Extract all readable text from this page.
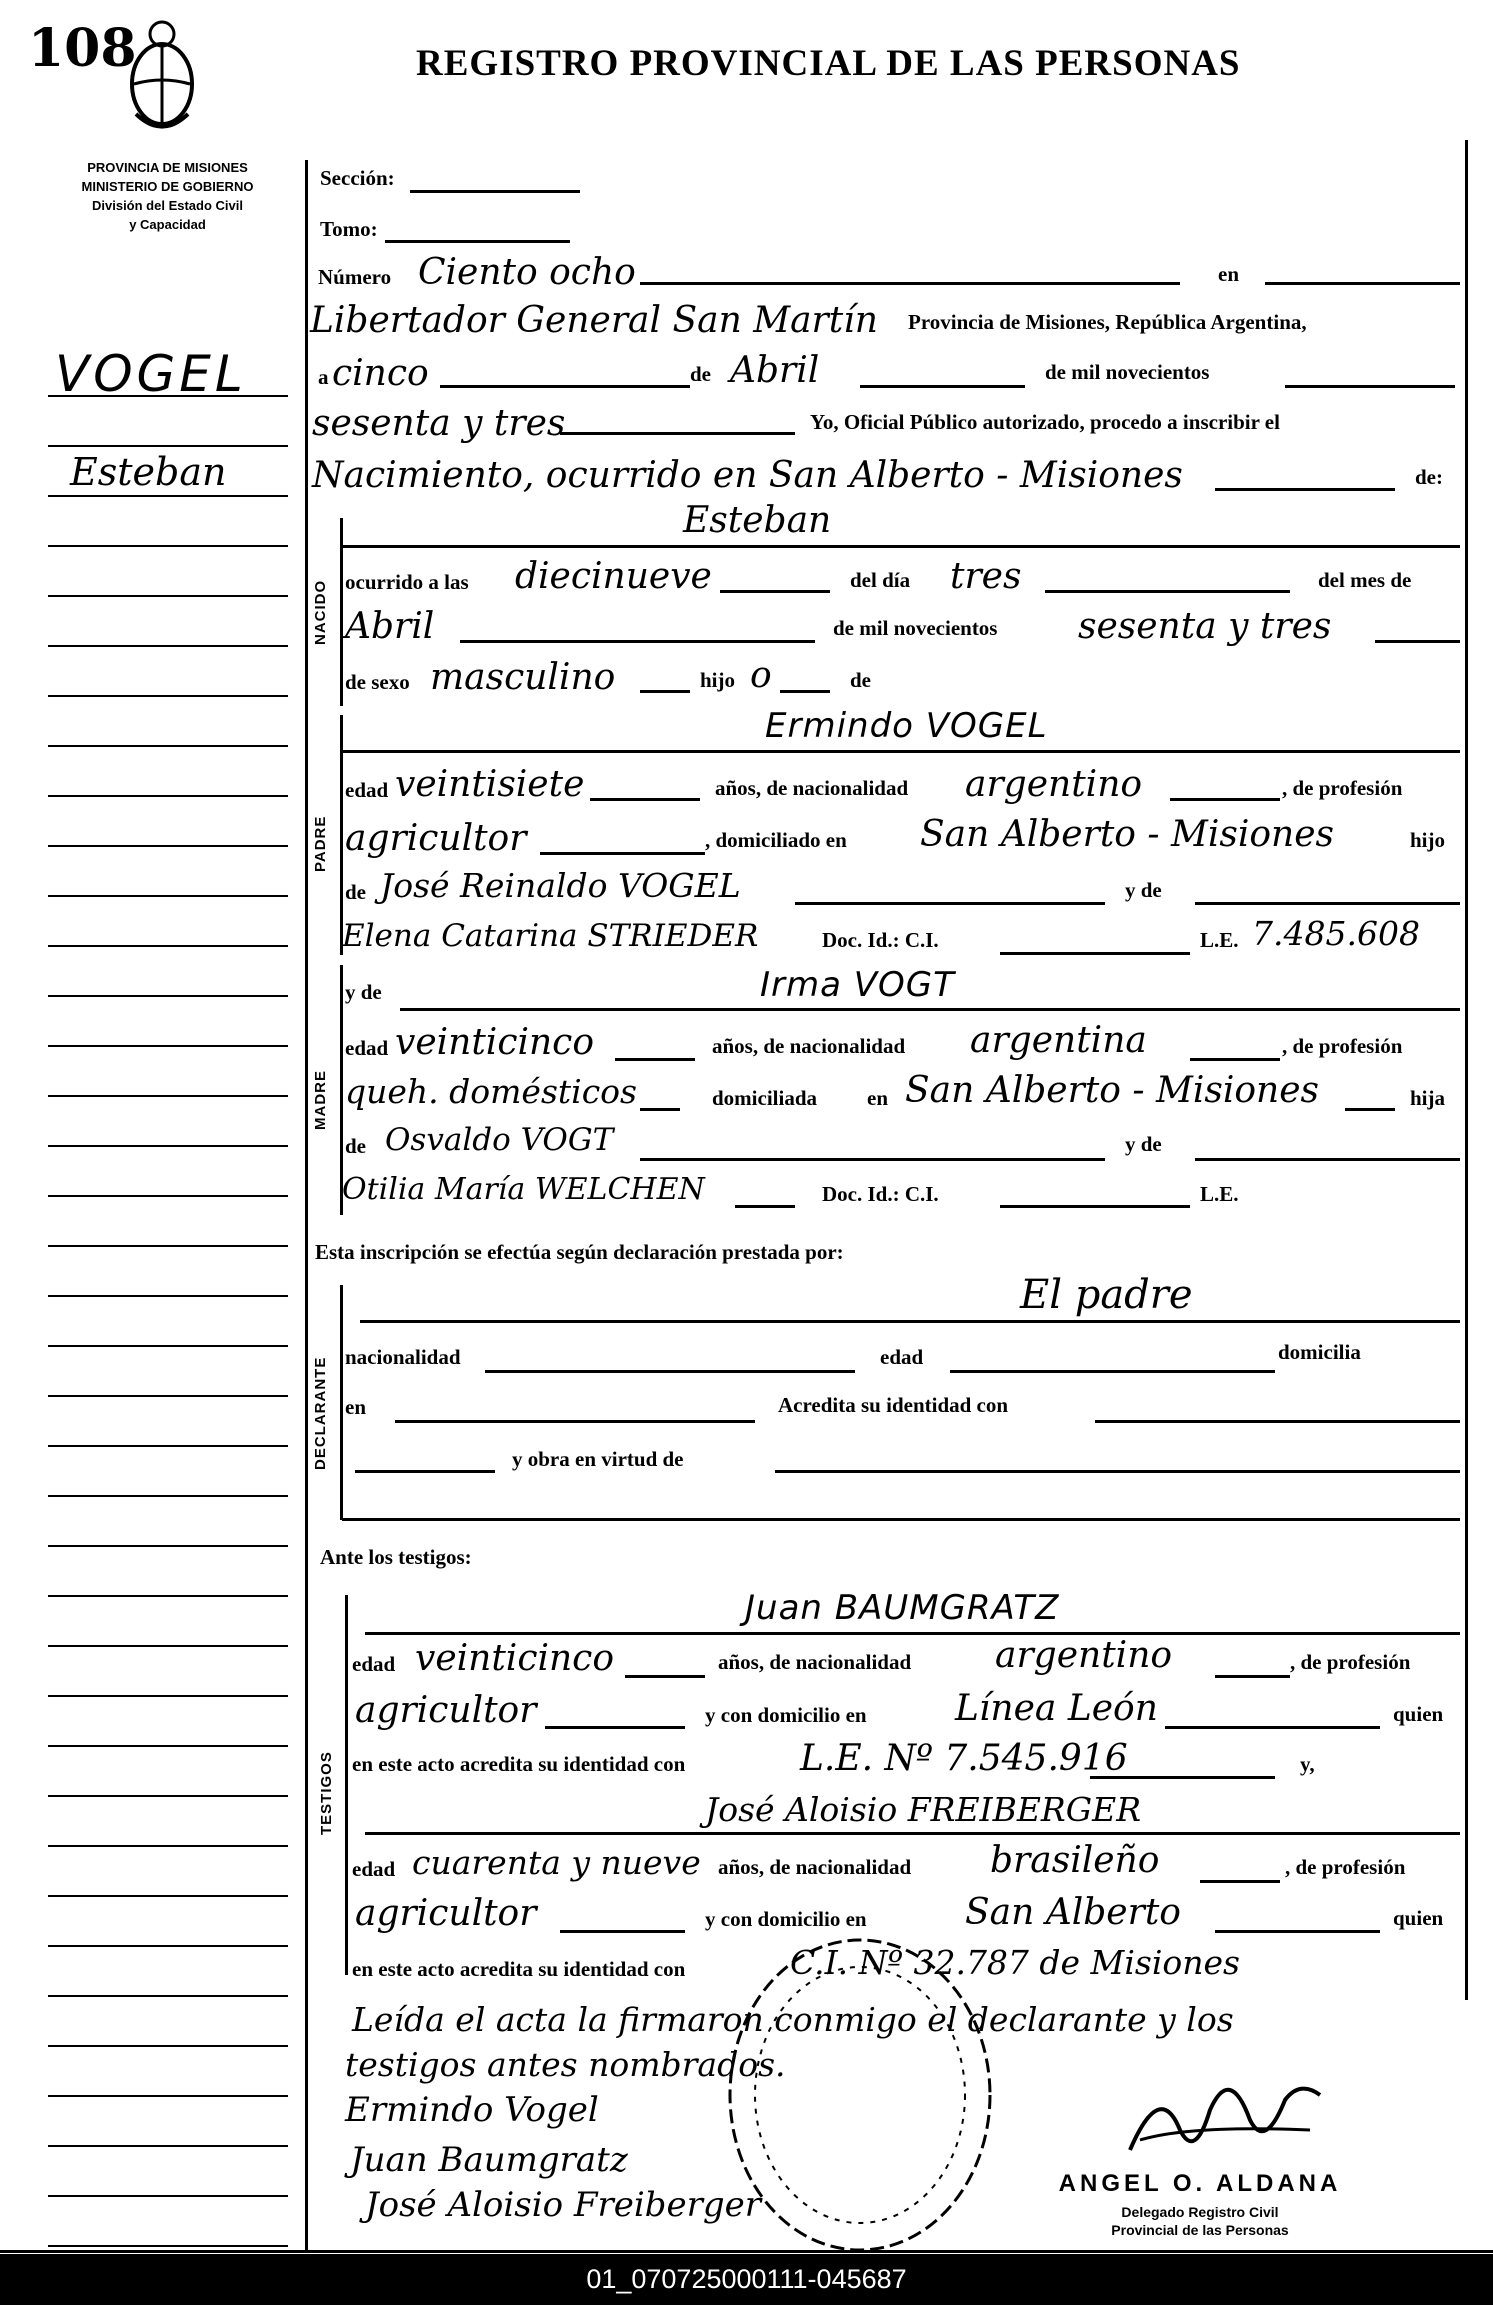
108	REGISTRO PROVINCIAL DE LAS PERSONAS
PROVINCIA DE MISIONES
MINISTERIO DE GOBIERNO
División del Estado Civil
y Capacidad
VOGEL
Esteban
Sección:
Tomo:
Número Ciento ocho	en
Libertador General San Martín Provincia de Misiones, República Argentina,
a cinco	de Abril	de mil novecientos
sesenta y tres	Yo, Oficial Público autorizado, procedo a inscribir el
Nacimiento, ocurrido en San Alberto - Misiones	de:
NACIDO
Esteban
ocurrido a las diecinueve	del día tres	del mes de
Abril	de mil novecientos sesenta y tres
de sexo masculino	hijo o	de
PADRE
Ermindo VOGEL
edad veintisiete	años, de nacionalidad argentino	, de profesión
agricultor	, domiciliado en San Alberto - Misiones	hijo
de José Reinaldo VOGEL	y de
Elena Catarina STRIEDER	Doc. Id.: C.I.	L.E. 7.485.608
MADRE
y de	Irma VOGT
edad veinticinco	años, de nacionalidad argentina	, de profesión
queh. domésticos	domiciliada en San Alberto - Misiones	hija
de Osvaldo VOGT	y de
Otilia María WELCHEN	Doc. Id.: C.I.	L.E.
Esta inscripción se efectúa según declaración prestada por:
DECLARANTE
El padre
nacionalidad	edad	domicilia
en	Acredita su identidad con
y obra en virtud de
Ante los testigos:
TESTIGOS
Juan BAUMGRATZ
edad veinticinco	años, de nacionalidad argentino	, de profesión
agricultor	y con domicilio en Línea León	quien
en este acto acredita su identidad con	L.E. Nº 7.545.916	y,
José Aloisio FREIBERGER
edad cuarenta y nueve años, de nacionalidad brasileño	, de profesión
agricultor	y con domicilio en	San Alberto	quien
en este acto acredita su identidad con	C.I. Nº 32.787 de Misiones
Leída el acta la firmaron conmigo el declarante y los
testigos antes nombrados.
Ermindo Vogel
Juan Baumgratz
José Aloisio Freiberger
ANGEL O. ALDANA
Delegado Registro Civil
Provincial de las Personas
01_070725000111-045687
